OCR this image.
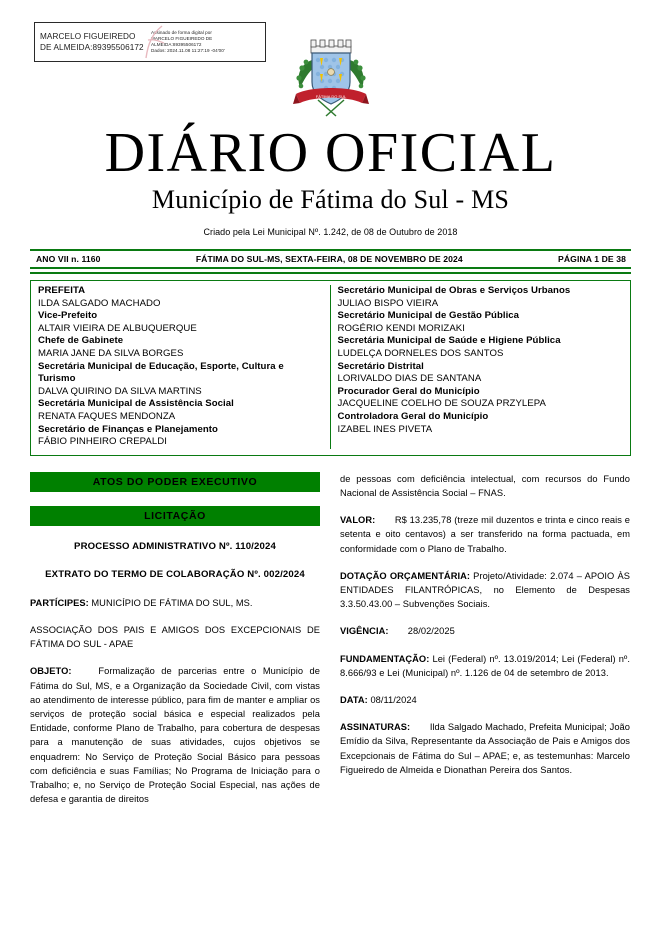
MARCELO FIGUEIREDO DE ALMEIDA:89395506172
Assinado de forma digital por
MARCELO FIGUEIREDO DE
ALMEIDA:89395506172
Dados: 2024.11.08 11:27:19 -04'00'
FÁTIMA DO SUL
DIÁRIO OFICIAL
Município de Fátima do Sul - MS
Criado pela Lei Municipal Nº. 1.242, de 08 de Outubro de 2018
ANO VII n. 1160	FÁTIMA DO SUL-MS, SEXTA-FEIRA, 08 DE NOVEMBRO DE 2024	PÁGINA 1 DE 38
PREFEITA
ILDA SALGADO MACHADO
Vice-Prefeito
ALTAIR VIEIRA DE ALBUQUERQUE
Chefe de Gabinete
MARIA JANE DA SILVA BORGES
Secretária Municipal de Educação, Esporte, Cultura e Turismo
DALVA QUIRINO DA SILVA MARTINS
Secretária Municipal de Assistência Social
RENATA FAQUES MENDONZA
Secretário de Finanças e Planejamento
FÁBIO PINHEIRO CREPALDI
Secretário Municipal de Obras e Serviços Urbanos
JULIAO BISPO VIEIRA
Secretário Municipal de Gestão Pública
ROGÉRIO KENDI MORIZAKI
Secretária Municipal de Saúde e Higiene Pública
LUDELÇA DORNELES DOS SANTOS
Secretário Distrital
LORIVALDO DIAS DE SANTANA
Procurador Geral do Município
JACQUELINE COELHO DE SOUZA PRZYLEPA
Controladora Geral do Município
IZABEL INES PIVETA
ATOS DO PODER EXECUTIVO
LICITAÇÃO
PROCESSO ADMINISTRATIVO Nº. 110/2024
EXTRATO DO TERMO DE COLABORAÇÃO Nº. 002/2024

PARTÍCIPES: MUNICÍPIO DE FÁTIMA DO SUL, MS.

ASSOCIAÇÃO DOS PAIS E AMIGOS DOS EXCEPCIONAIS DE FÁTIMA DO SUL - APAE

OBJETO:	Formalização de parcerias entre o Município de Fátima do Sul, MS, e a Organização da Sociedade Civil, com vistas ao atendimento de interesse público, para fim de manter e ampliar os serviços de proteção social básica e especial realizados pela Entidade, conforme Plano de Trabalho, para cobertura de despesas para a manutenção de suas atividades, cujos objetivos se enquadrem: No Serviço de Proteção Social Básico para pessoas com deficiência e suas Famílias; No Programa de Iniciação para o Trabalho; e, no Serviço de Proteção Social Especial, nas ações de defesa e garantia de direitos

de pessoas com deficiência intelectual, com recursos do Fundo Nacional de Assistência Social – FNAS.

VALOR: R$ 13.235,78 (treze mil duzentos e trinta e cinco reais e setenta e oito centavos) a ser transferido na forma pactuada, em conformidade com o Plano de Trabalho.

DOTAÇÃO ORÇAMENTÁRIA: Projeto/Atividade: 2.074 – APOIO ÀS ENTIDADES FILANTRÓPICAS, no Elemento de Despesas 3.3.50.43.00 – Subvenções Sociais.

VIGÊNCIA: 28/02/2025

FUNDAMENTAÇÃO: Lei (Federal) nº. 13.019/2014; Lei (Federal) nº. 8.666/93 e Lei (Municipal) nº. 1.126 de 04 de setembro de 2013.

DATA: 08/11/2024

ASSINATURAS: Ilda Salgado Machado, Prefeita Municipal; João Emídio da Silva, Representante da Associação de Pais e Amigos dos Excepcionais de Fátima do Sul – APAE; e, as testemunhas: Marcelo Figueiredo de Almeida e Dionathan Pereira dos Santos.
